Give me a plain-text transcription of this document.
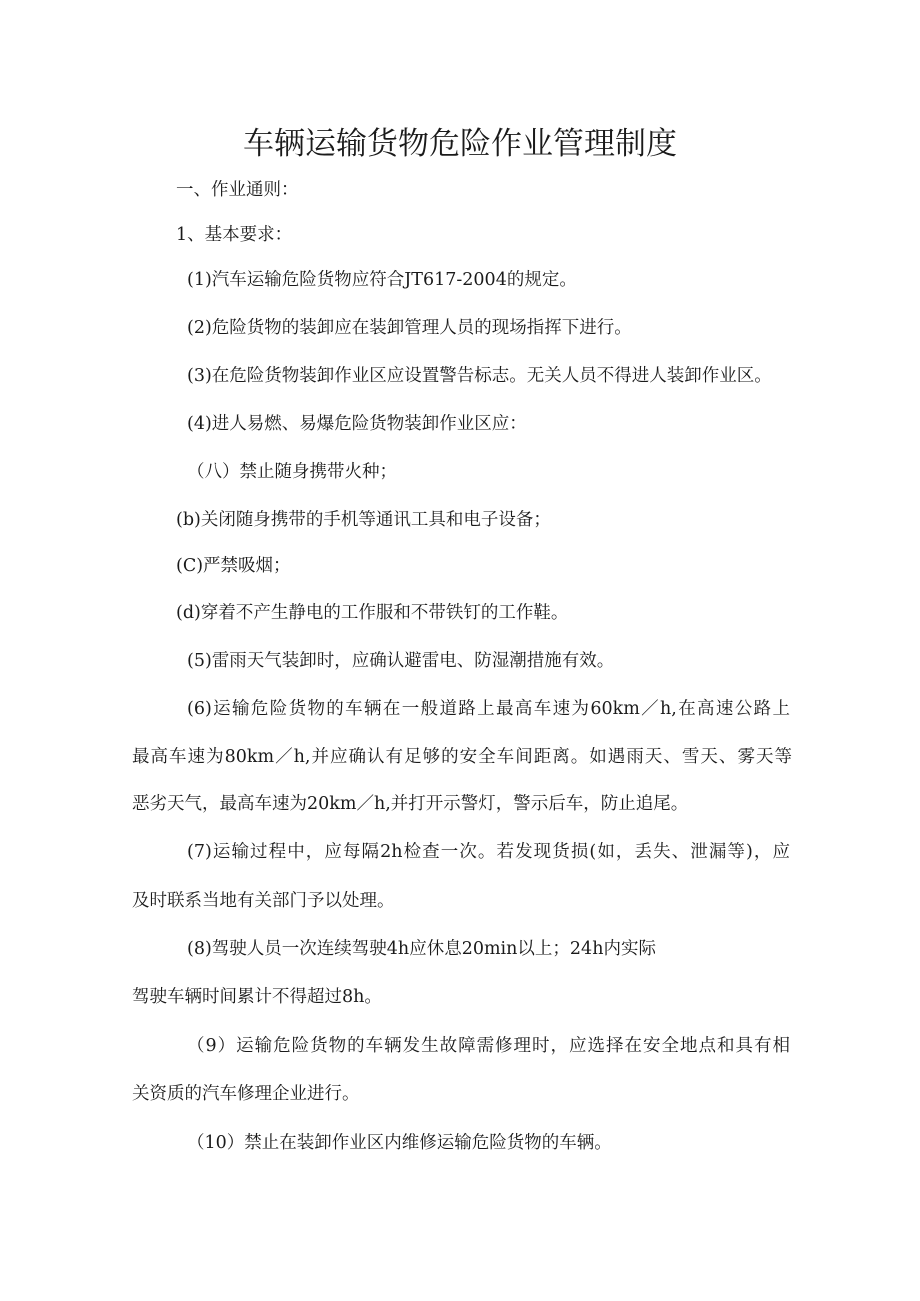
车辆运输货物危险作业管理制度
一、作业通则：
1、基本要求：
(1)汽车运输危险货物应符合JT617-2004的规定。
(2)危险货物的装卸应在装卸管理人员的现场指挥下进行。
(3)在危险货物装卸作业区应设置警告标志。无关人员不得进人装卸作业区。
(4)进人易燃、易爆危险货物装卸作业区应：
（八）禁止随身携带火种；
(b)关闭随身携带的手机等通讯工具和电子设备；
(C)严禁吸烟；
(d)穿着不产生静电的工作服和不带铁钉的工作鞋。
(5)雷雨天气装卸时，应确认避雷电、防湿潮措施有效。
(6)运输危险货物的车辆在一般道路上最高车速为60km／h,在高速公路上
最高车速为80km／h,并应确认有足够的安全车间距离。如遇雨天、雪天、雾天等
恶劣天气，最高车速为20km／h,并打开示警灯，警示后车，防止追尾。
(7)运输过程中，应每隔2h检查一次。若发现货损(如，丢失、泄漏等)，应
及时联系当地有关部门予以处理。
(8)驾驶人员一次连续驾驶4h应休息20min以上；24h内实际
驾驶车辆时间累计不得超过8h。
（9）运输危险货物的车辆发生故障需修理时，应选择在安全地点和具有相
关资质的汽车修理企业进行。
（10）禁止在装卸作业区内维修运输危险货物的车辆。
